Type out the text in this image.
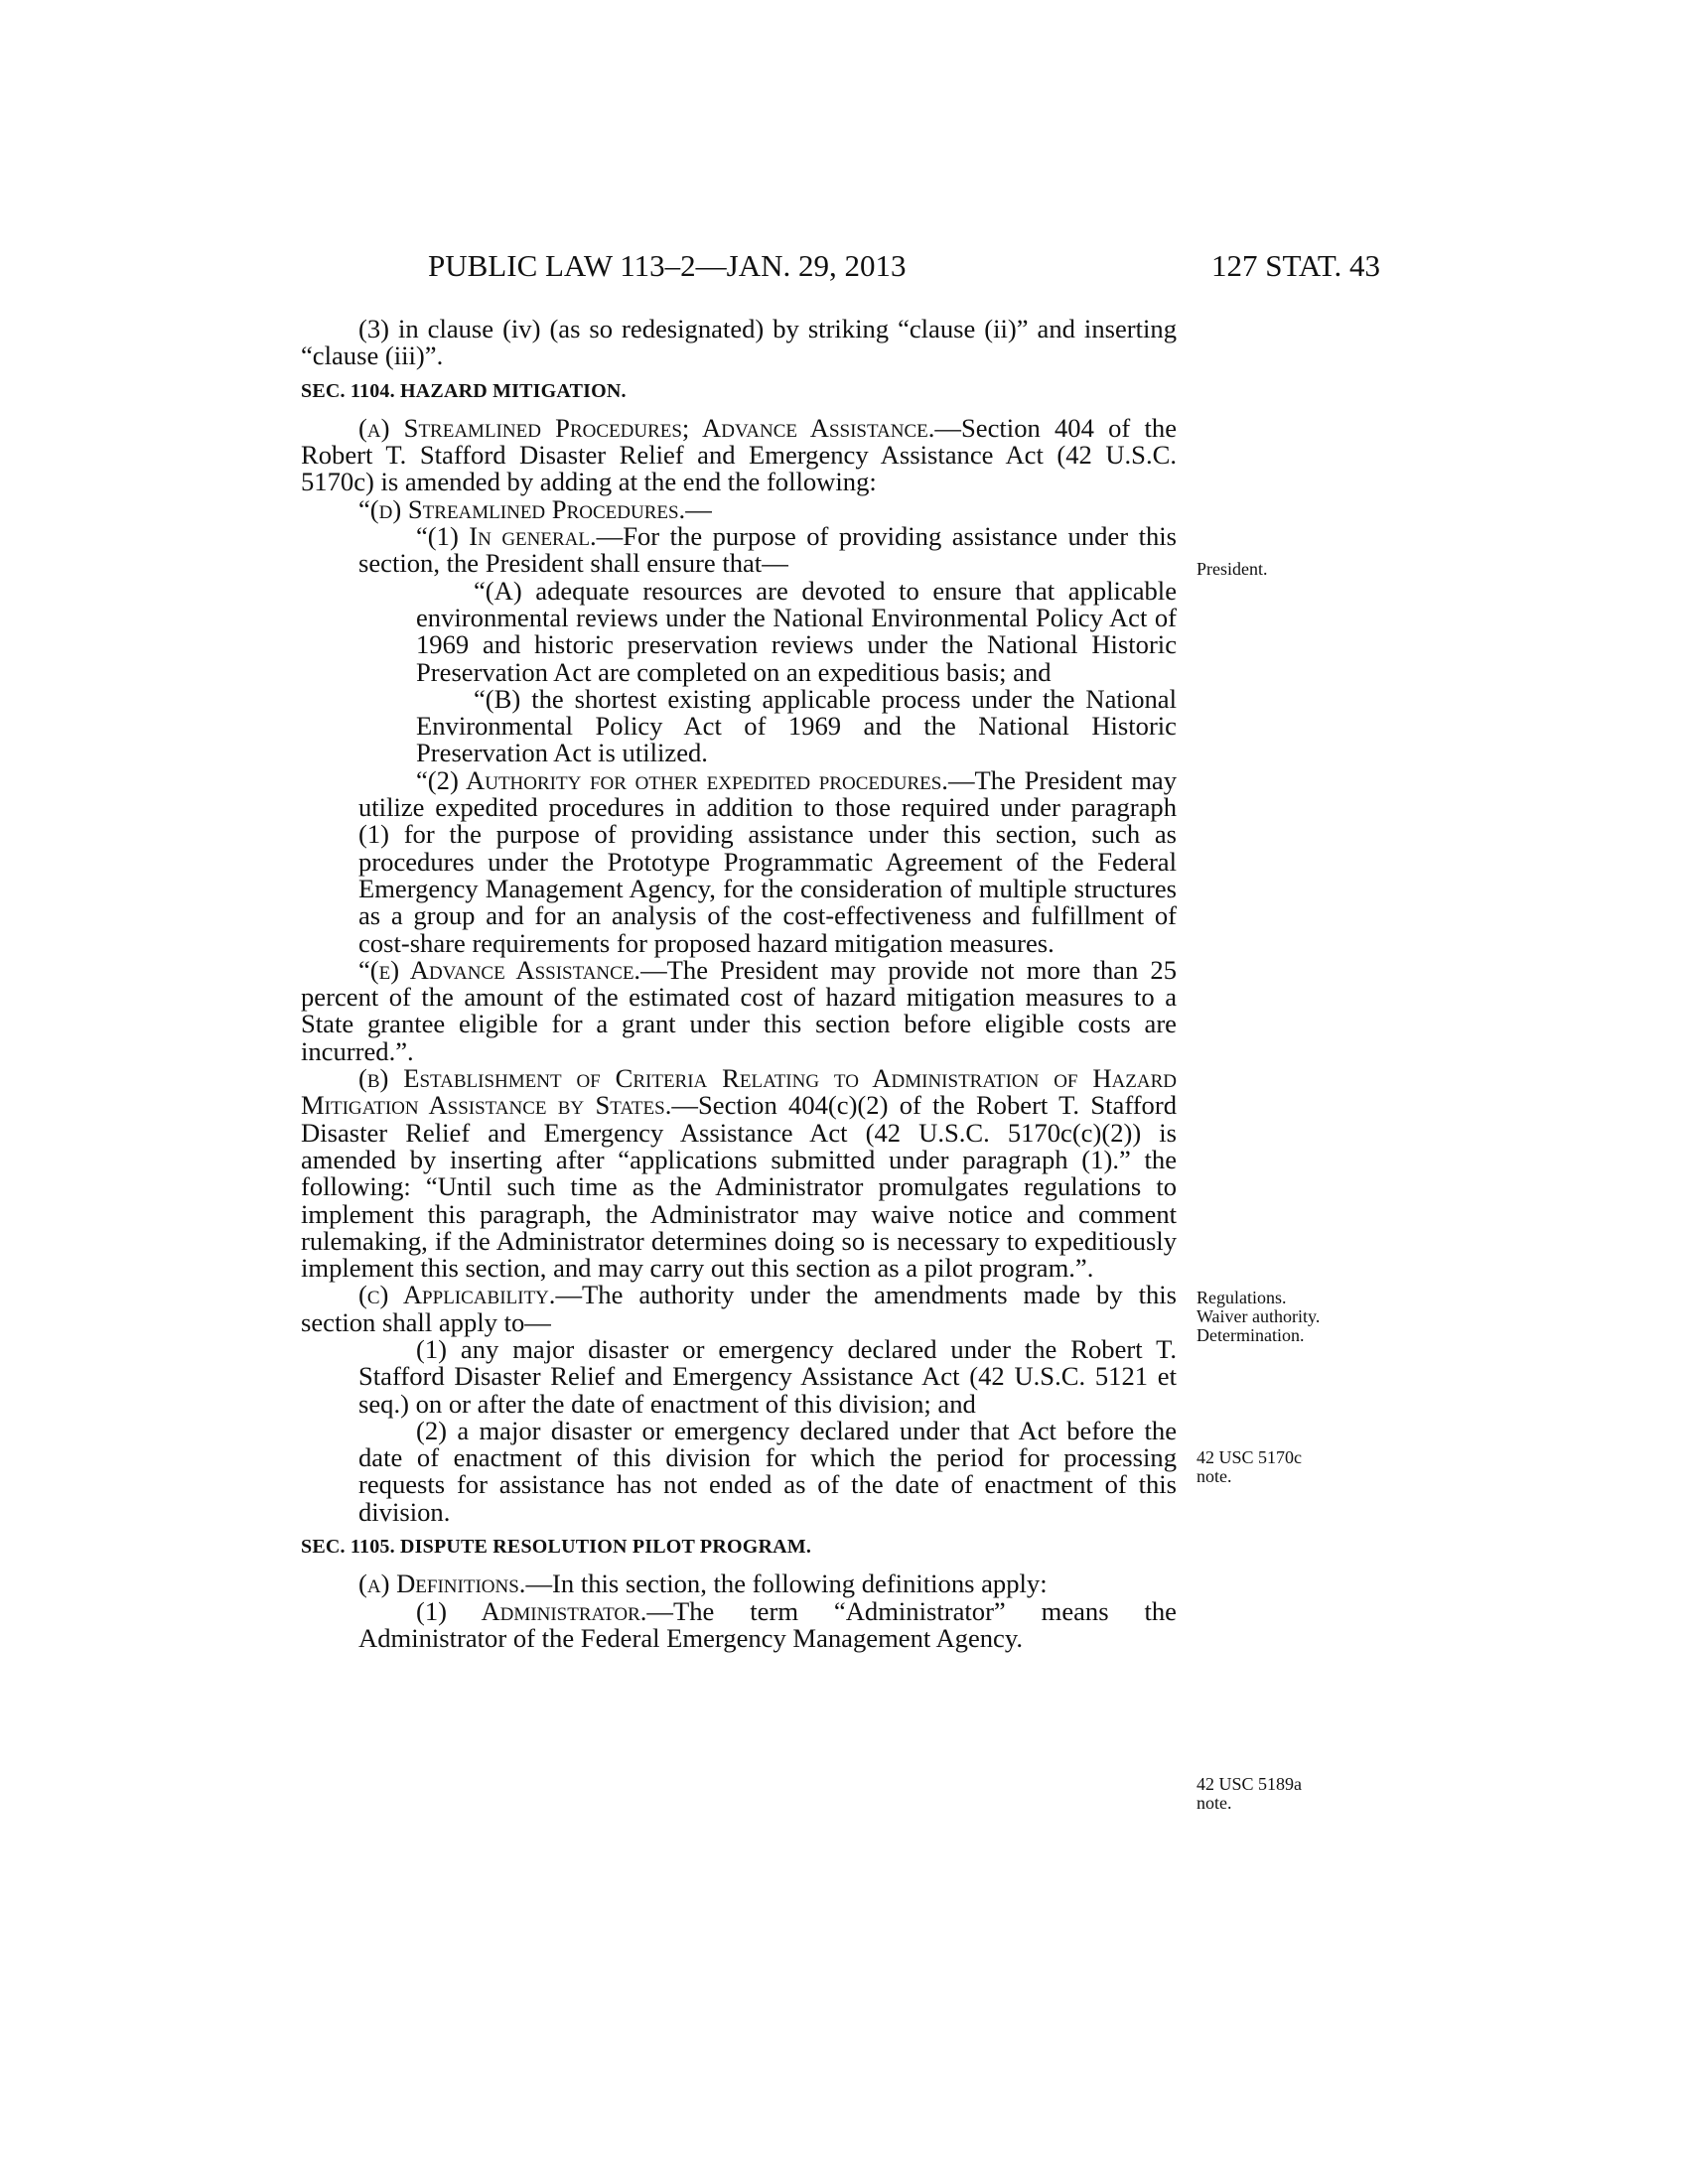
PUBLIC LAW 113–2—JAN. 29, 2013	127 STAT. 43

(3) in clause (iv) (as so redesignated) by striking “clause (ii)” and inserting “clause (iii)”.

SEC. 1104. HAZARD MITIGATION.

(a) Streamlined Procedures; Advance Assistance.—Section 404 of the Robert T. Stafford Disaster Relief and Emergency Assistance Act (42 U.S.C. 5170c) is amended by adding at the end the following:

“(d) Streamlined Procedures.—

“(1) In general.—For the purpose of providing assistance under this section, the President shall ensure that—

“(A) adequate resources are devoted to ensure that applicable environmental reviews under the National Environmental Policy Act of 1969 and historic preservation reviews under the National Historic Preservation Act are completed on an expeditious basis; and

“(B) the shortest existing applicable process under the National Environmental Policy Act of 1969 and the National Historic Preservation Act is utilized.

“(2) Authority for other expedited procedures.—The President may utilize expedited procedures in addition to those required under paragraph (1) for the purpose of providing assistance under this section, such as procedures under the Prototype Programmatic Agreement of the Federal Emergency Management Agency, for the consideration of multiple structures as a group and for an analysis of the cost-effectiveness and fulfillment of cost-share requirements for proposed hazard mitigation measures.

“(e) Advance Assistance.—The President may provide not more than 25 percent of the amount of the estimated cost of hazard mitigation measures to a State grantee eligible for a grant under this section before eligible costs are incurred.”.

(b) Establishment of Criteria Relating to Administration of Hazard Mitigation Assistance by States.—Section 404(c)(2) of the Robert T. Stafford Disaster Relief and Emergency Assistance Act (42 U.S.C. 5170c(c)(2)) is amended by inserting after “applications submitted under paragraph (1).” the following: “Until such time as the Administrator promulgates regulations to implement this paragraph, the Administrator may waive notice and comment rulemaking, if the Administrator determines doing so is necessary to expeditiously implement this section, and may carry out this section as a pilot program.”.

(c) Applicability.—The authority under the amendments made by this section shall apply to—

(1) any major disaster or emergency declared under the Robert T. Stafford Disaster Relief and Emergency Assistance Act (42 U.S.C. 5121 et seq.) on or after the date of enactment of this division; and

(2) a major disaster or emergency declared under that Act before the date of enactment of this division for which the period for processing requests for assistance has not ended as of the date of enactment of this division.

SEC. 1105. DISPUTE RESOLUTION PILOT PROGRAM.

(a) Definitions.—In this section, the following definitions apply:

(1) Administrator.—The term “Administrator” means the Administrator of the Federal Emergency Management Agency.

President.
Regulations.
Waiver authority.
Determination.
42 USC 5170c
note.
42 USC 5189a
note.
